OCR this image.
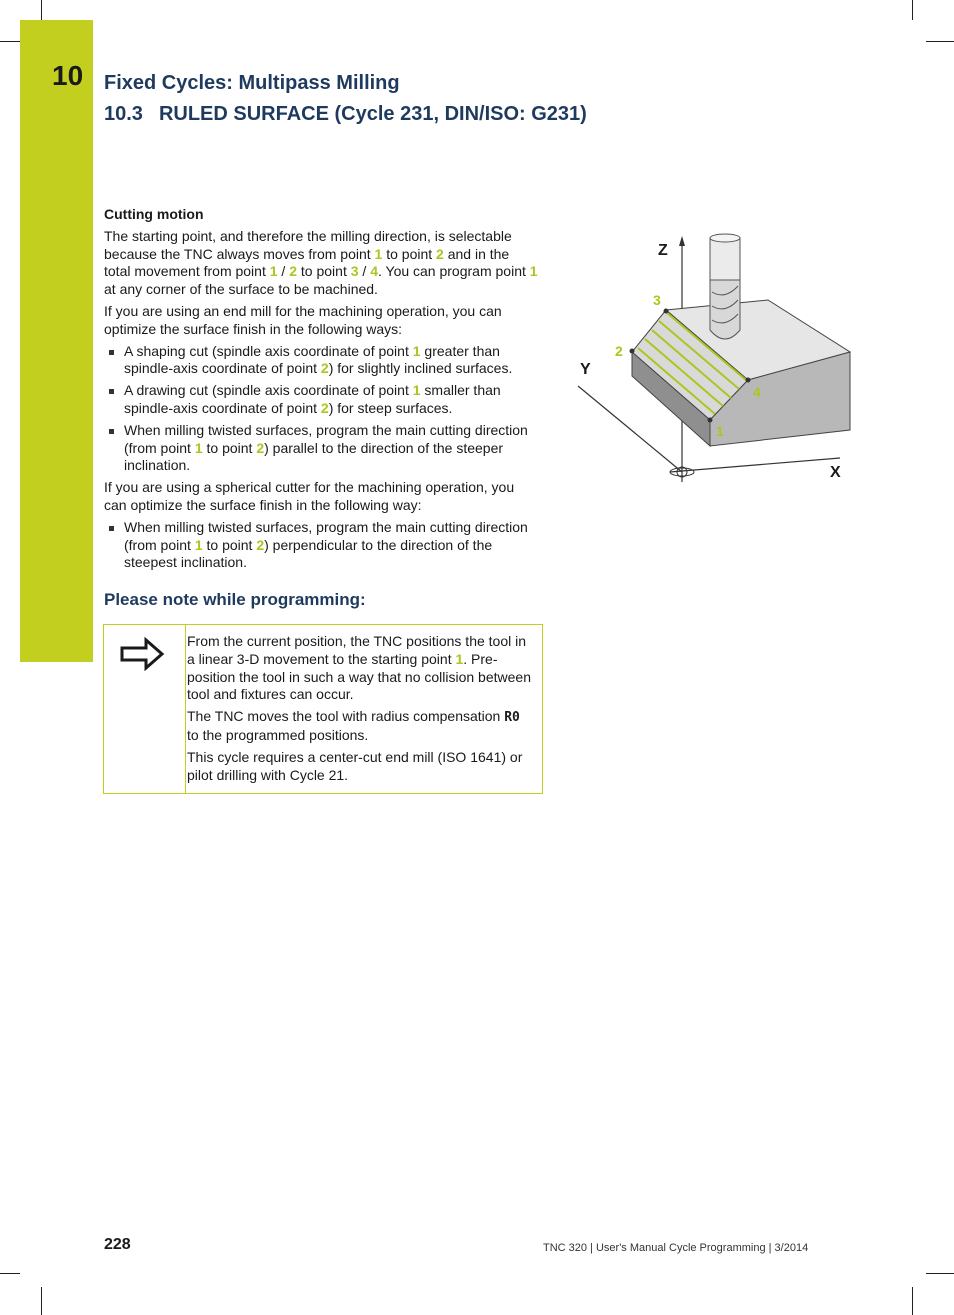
10 Fixed Cycles: Multipass Milling
10.3 RULED SURFACE (Cycle 231, DIN/ISO: G231)
Cutting motion

The starting point, and therefore the milling direction, is selectable because the TNC always moves from point 1 to point 2 and in the total movement from point 1 / 2 to point 3 / 4. You can program point 1 at any corner of the surface to be machined.

If you are using an end mill for the machining operation, you can optimize the surface finish in the following ways:

A shaping cut (spindle axis coordinate of point 1 greater than spindle-axis coordinate of point 2) for slightly inclined surfaces.
A drawing cut (spindle axis coordinate of point 1 smaller than spindle-axis coordinate of point 2) for steep surfaces.
When milling twisted surfaces, program the main cutting direction (from point 1 to point 2) parallel to the direction of the steeper inclination.

If you are using a spherical cutter for the machining operation, you can optimize the surface finish in the following way:

When milling twisted surfaces, program the main cutting direction (from point 1 to point 2) perpendicular to the direction of the steepest inclination.
Please note while programming:

From the current position, the TNC positions the tool in a linear 3-D movement to the starting point 1. Pre-position the tool in such a way that no collision between tool and fixtures can occur.

The TNC moves the tool with radius compensation R0 to the programmed positions.

This cycle requires a center-cut end mill (ISO 1641) or pilot drilling with Cycle 21.

Z
Y
X
3
2
4
1
228	TNC 320 | User's Manual Cycle Programming | 3/2014
